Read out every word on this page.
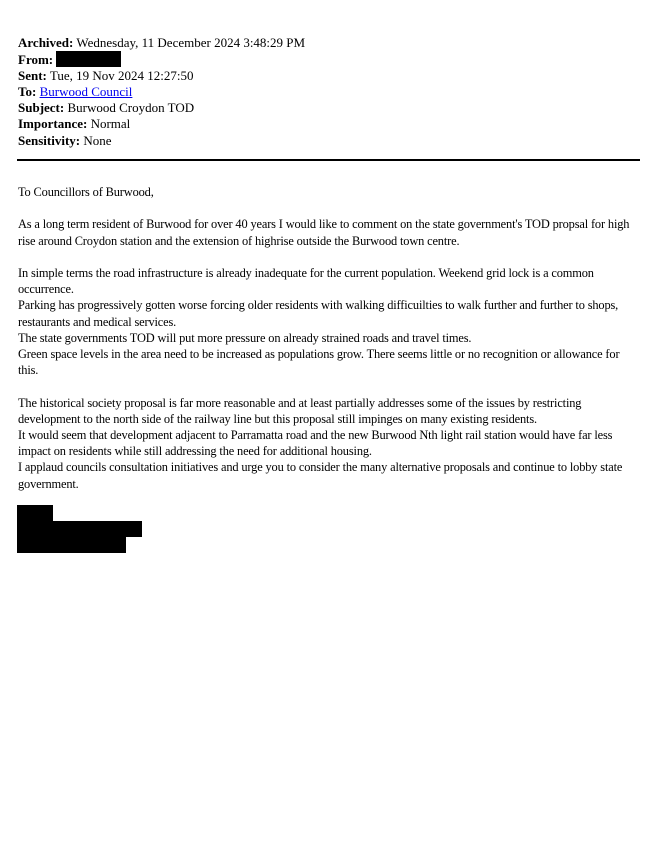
Archived: Wednesday, 11 December 2024 3:48:29 PM
From:
Sent: Tue, 19 Nov 2024 12:27:50
To: Burwood Council
Subject: Burwood Croydon TOD
Importance: Normal
Sensitivity: None

To Councillors of Burwood,

As a long term resident of Burwood for over 40 years I would like to comment on the state government's TOD propsal for high rise around Croydon station and the extension of highrise outside the Burwood town centre.

In simple terms the road infrastructure is already inadequate for the current population. Weekend grid lock is a common occurrence.
Parking has progressively gotten worse forcing older residents with walking difficuilties to walk further and further to shops, restaurants and medical services.
The state governments TOD will put more pressure on already strained roads and travel times.
Green space levels in the area need to be increased as populations grow. There seems little or no recognition or allowance for this.

The historical society proposal is far more reasonable and at least partially addresses some of the issues by restricting development to the north side of the railway line but this proposal still impinges on many existing residents.
It would seem that development adjacent to Parramatta road and the new Burwood Nth light rail station would have far less impact on residents while still addressing the need for additional housing.
I applaud councils consultation initiatives and urge you to consider the many alternative proposals and continue to lobby state government.
